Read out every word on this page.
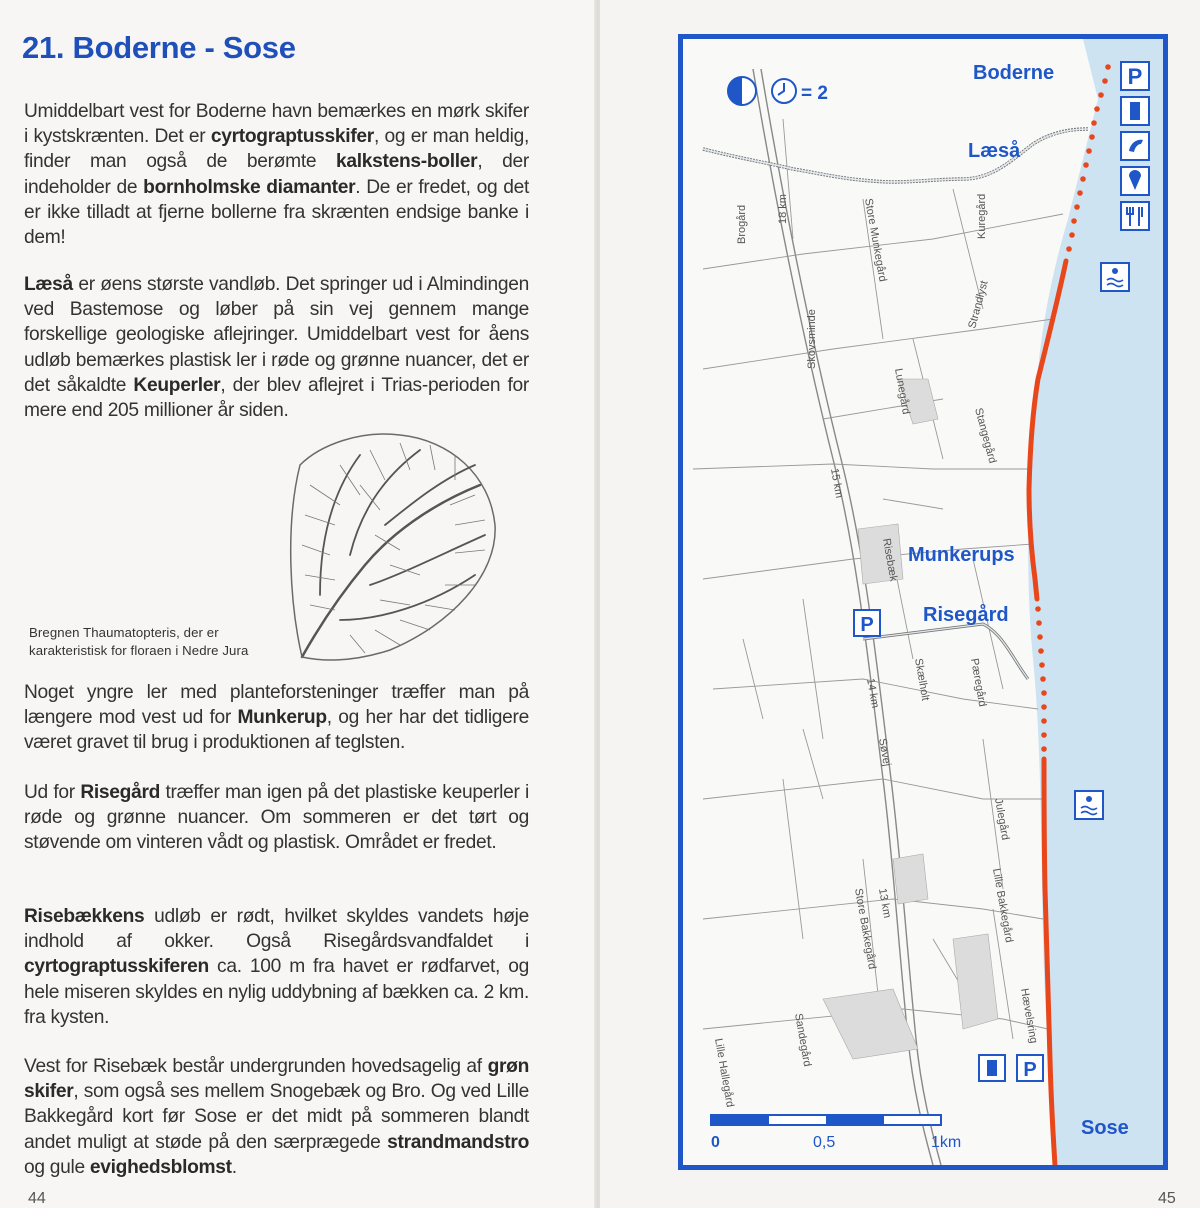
21. Boderne - Sose

Umiddelbart vest for Boderne havn bemærkes en mørk skifer i kystskrænten. Det er cyrtograptusskifer, og er man heldig, finder man også de berømte kalkstens-boller, der indeholder de bornholmske diamanter. De er fredet, og det er ikke tilladt at fjerne bollerne fra skrænten endsige banke i dem!

Læså er øens største vandløb. Det springer ud i Almindingen ved Bastemose og løber på sin vej gennem mange forskellige geologiske aflejringer. Umiddelbart vest for åens udløb bemærkes plastisk ler i røde og grønne nuancer, det er det såkaldte Keuperler, der blev aflejret i Trias-perioden for mere end 205 millioner år siden.

Bregnen Thaumatopteris, der er karakteristisk for floraen i Nedre Jura

Noget yngre ler med planteforsteninger træffer man på længere mod vest ud for Munkerup, og her har det tidligere været gravet til brug i produktionen af teglsten.

Ud for Risegård træffer man igen på det plastiske keuperler i røde og grønne nuancer. Om sommeren er det tørt og støvende om vinteren vådt og plastisk. Området er fredet.

Risebækkens udløb er rødt, hvilket skyldes vandets høje indhold af okker. Også Risegårdsvandfaldet i cyrtograptusskiferen ca. 100 m fra havet er rødfarvet, og hele miseren skyldes en nylig uddybning af bækken ca. 2 km. fra kysten.

Vest for Risebæk består undergrunden hovedsagelig af grøn skifer, som også ses mellem Snogebæk og Bro. Og ved Lille Bakkegård kort før Sose er det midt på sommeren blandt andet muligt at støde på den særprægede strandmandstro og gule evighedsblomst.

44	45
= 2
P
P
P
Boderne
Læså
Munkerups
Risegård
Sose
Brogård	18 km
Skovsminde
Store Munkegård	Kuregård
Strandlyst
Lunegård
Stangegård
15 km
Risebæk
Skælholt	Pæregård
14 km
Søvej
Julegård
Lille Bakkegård
Store Bakkegård
13 km
Sandegård
Lille Hallegård
Hævelsring
0	0,5	1km
